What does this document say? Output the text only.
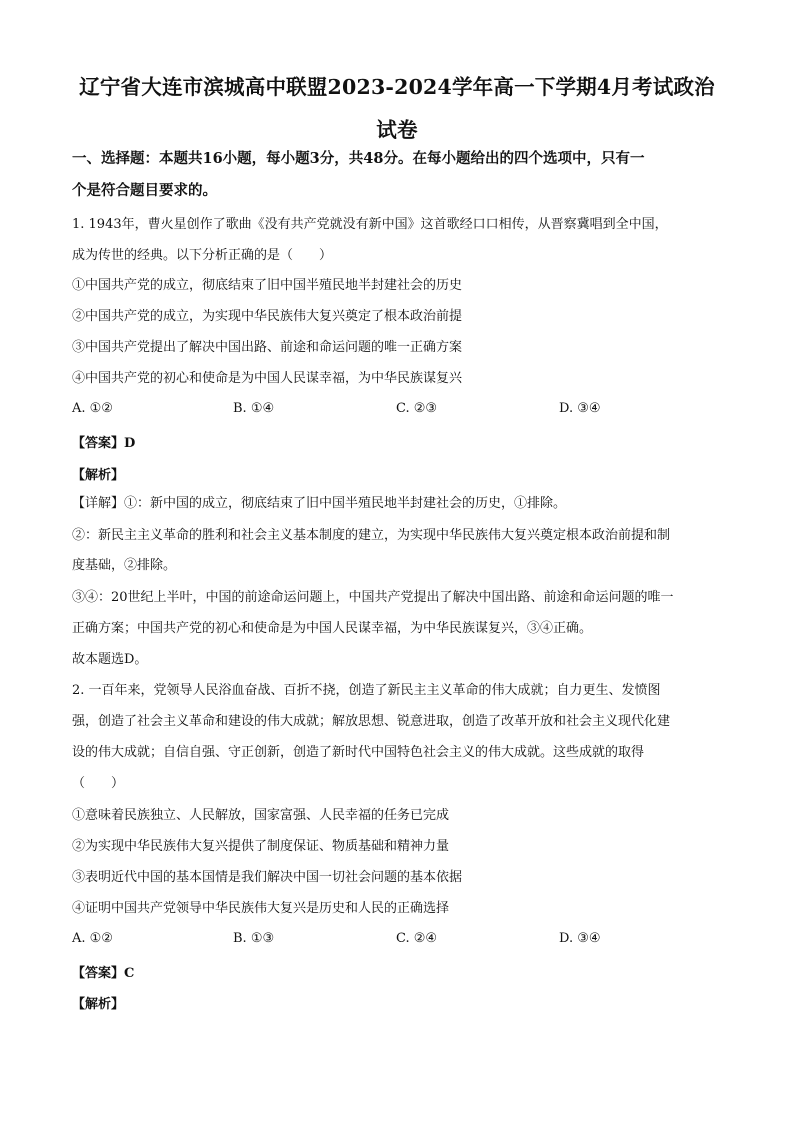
辽宁省大连市滨城高中联盟2023-2024学年高一下学期4月考试政治
试卷
一、选择题：本题共16小题，每小题3分，共48分。在每小题给出的四个选项中，只有一
个是符合题目要求的。
1. 1943年，曹火星创作了歌曲《没有共产党就没有新中国》这首歌经口口相传，从晋察冀唱到全中国，
成为传世的经典。以下分析正确的是（　　）
①中国共产党的成立，彻底结束了旧中国半殖民地半封建社会的历史
②中国共产党的成立，为实现中华民族伟大复兴奠定了根本政治前提
③中国共产党提出了解决中国出路、前途和命运问题的唯一正确方案
④中国共产党的初心和使命是为中国人民谋幸福，为中华民族谋复兴
A. ①②	B. ①④	C. ②③	D. ③④
【答案】D
【解析】
【详解】①：新中国的成立，彻底结束了旧中国半殖民地半封建社会的历史，①排除。
②：新民主主义革命的胜利和社会主义基本制度的建立，为实现中华民族伟大复兴奠定根本政治前提和制
度基础，②排除。
③④：20世纪上半叶，中国的前途命运问题上，中国共产党提出了解决中国出路、前途和命运问题的唯一
正确方案；中国共产党的初心和使命是为中国人民谋幸福，为中华民族谋复兴，③④正确。
故本题选D。
2. 一百年来，党领导人民浴血奋战、百折不挠，创造了新民主主义革命的伟大成就；自力更生、发愤图
强，创造了社会主义革命和建设的伟大成就；解放思想、锐意进取，创造了改革开放和社会主义现代化建
设的伟大成就；自信自强、守正创新，创造了新时代中国特色社会主义的伟大成就。这些成就的取得
（　　）
①意味着民族独立、人民解放，国家富强、人民幸福的任务已完成
②为实现中华民族伟大复兴提供了制度保证、物质基础和精神力量
③表明近代中国的基本国情是我们解决中国一切社会问题的基本依据
④证明中国共产党领导中华民族伟大复兴是历史和人民的正确选择
A. ①②	B. ①③	C. ②④	D. ③④
【答案】C
【解析】
